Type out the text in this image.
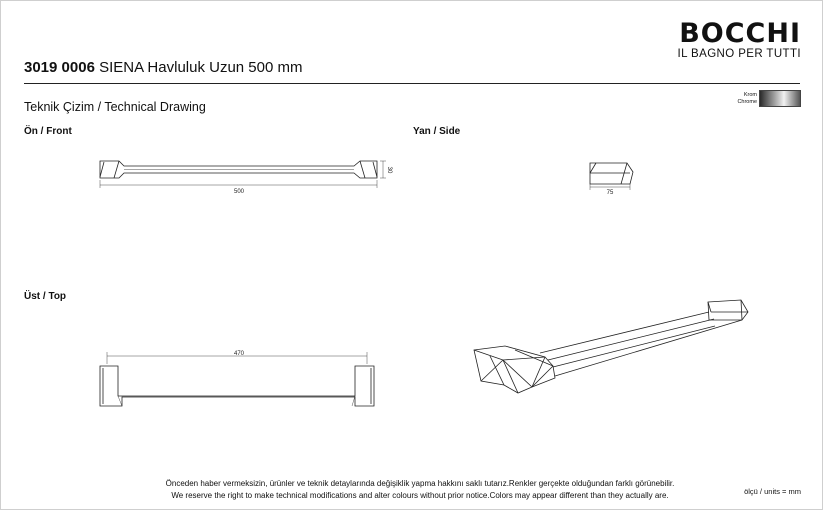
BOCCHI
IL BAGNO PER TUTTI
3019 0006 SIENA Havluluk Uzun 500 mm
Teknik Çizim / Technical Drawing
Krom
Chrome
Ön / Front	Yan / Side
Üst / Top
500
30
75
470
Önceden haber vermeksizin, ürünler ve teknik detaylarında değişiklik yapma hakkını saklı tutarız.Renkler gerçekte olduğundan farklı görünebilir.
We reserve the right to make technical modifications and alter colours without prior notice.Colors may appear different than they actually are.	ölçü / units = mm
